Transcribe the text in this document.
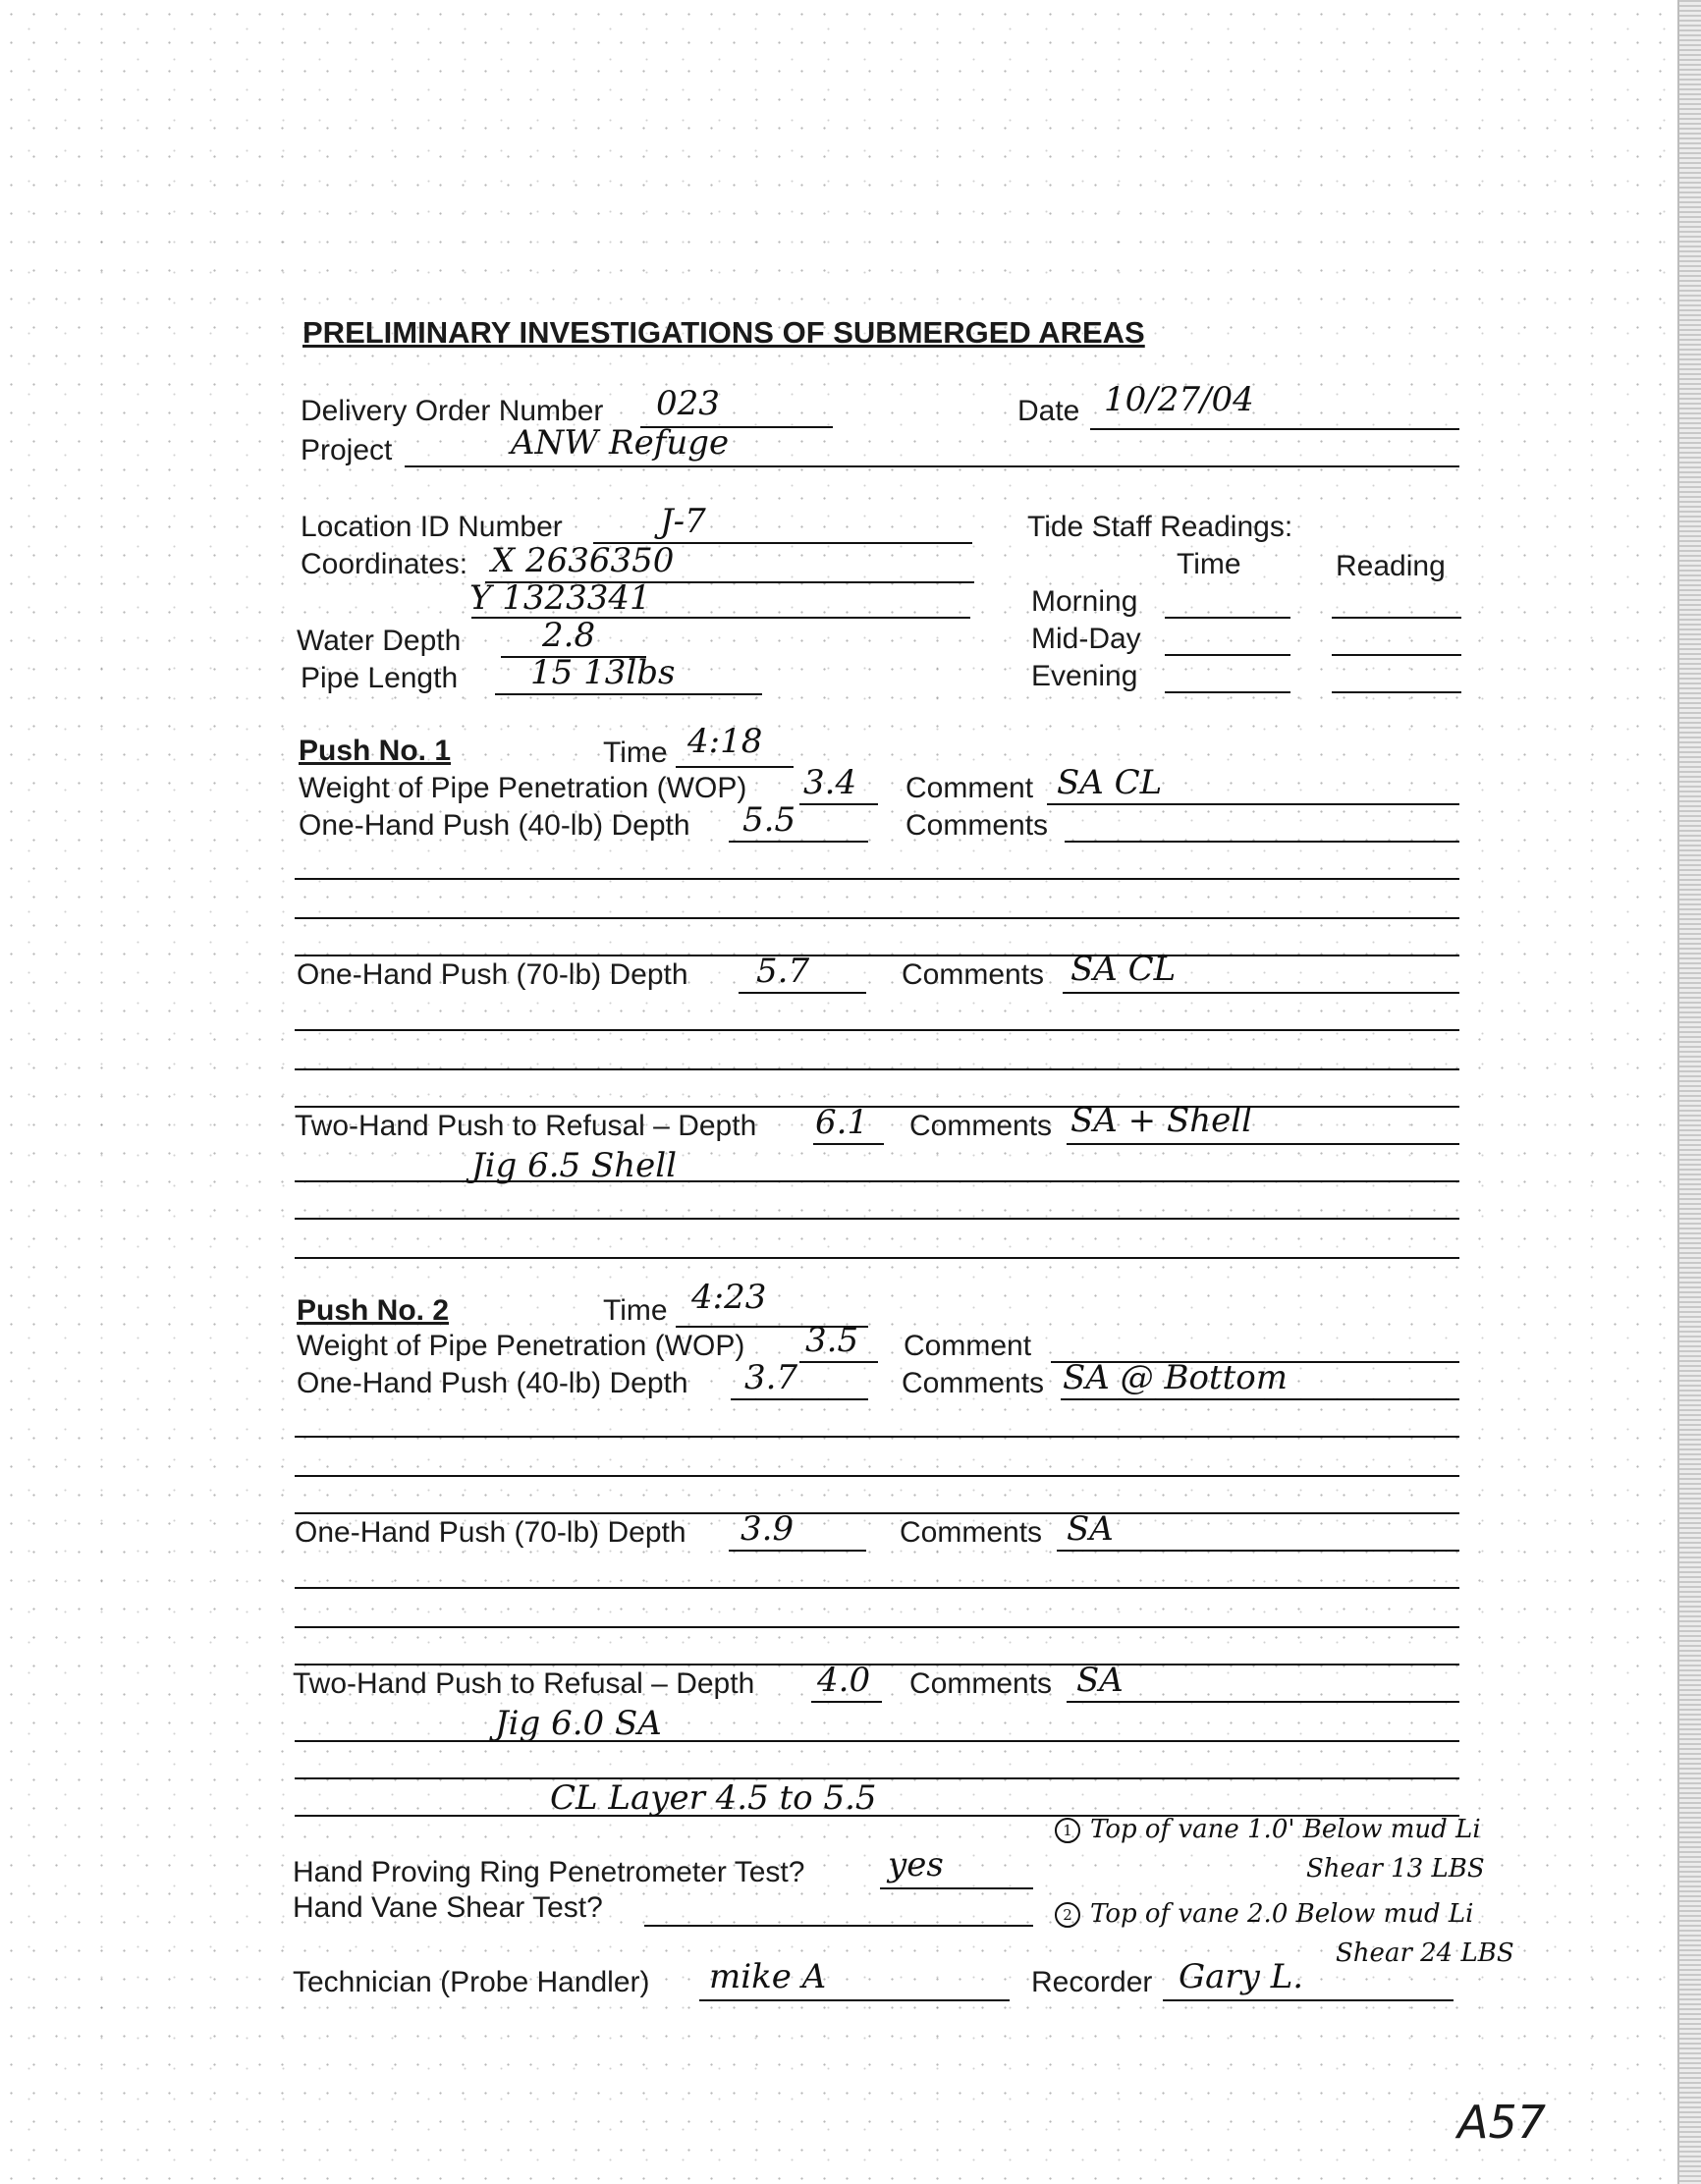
PRELIMINARY INVESTIGATIONS OF SUBMERGED AREAS
Delivery Order Number 023	Date 10/27/04
Project	ANW Refuge
Location ID Number	J-7
Coordinates: X 2636350
Y 1323341
Water Depth 2.8
Pipe Length 15 13lbs
Tide Staff Readings:
Time	Reading
Morning
Mid-Day
Evening
Push No. 1	Time 4:18
Weight of Pipe Penetration (WOP) 3.4 Comment SA CL
One-Hand Push (40-lb) Depth 5.5	Comments
One-Hand Push (70-lb) Depth 5.7	Comments SA CL
Two-Hand Push to Refusal – Depth 6.1 Comments SA + Shell
Jig 6.5 Shell
Push No. 2	Time 4:23
Weight of Pipe Penetration (WOP) 3.5 Comment
One-Hand Push (40-lb) Depth 3.7	Comments SA @ Bottom
One-Hand Push (70-lb) Depth 3.9	Comments SA
Two-Hand Push to Refusal – Depth 4.0 Comments SA
Jig 6.0 SA
CL Layer 4.5 to 5.5
Hand Proving Ring Penetrometer Test? yes
Hand Vane Shear Test?
Technician (Probe Handler) mike A	Recorder Gary L.
1 Top of vane 1.0' Below mud Li
Shear 13 LBS
2 Top of vane 2.0 Below mud Li
Shear 24 LBS
A57
